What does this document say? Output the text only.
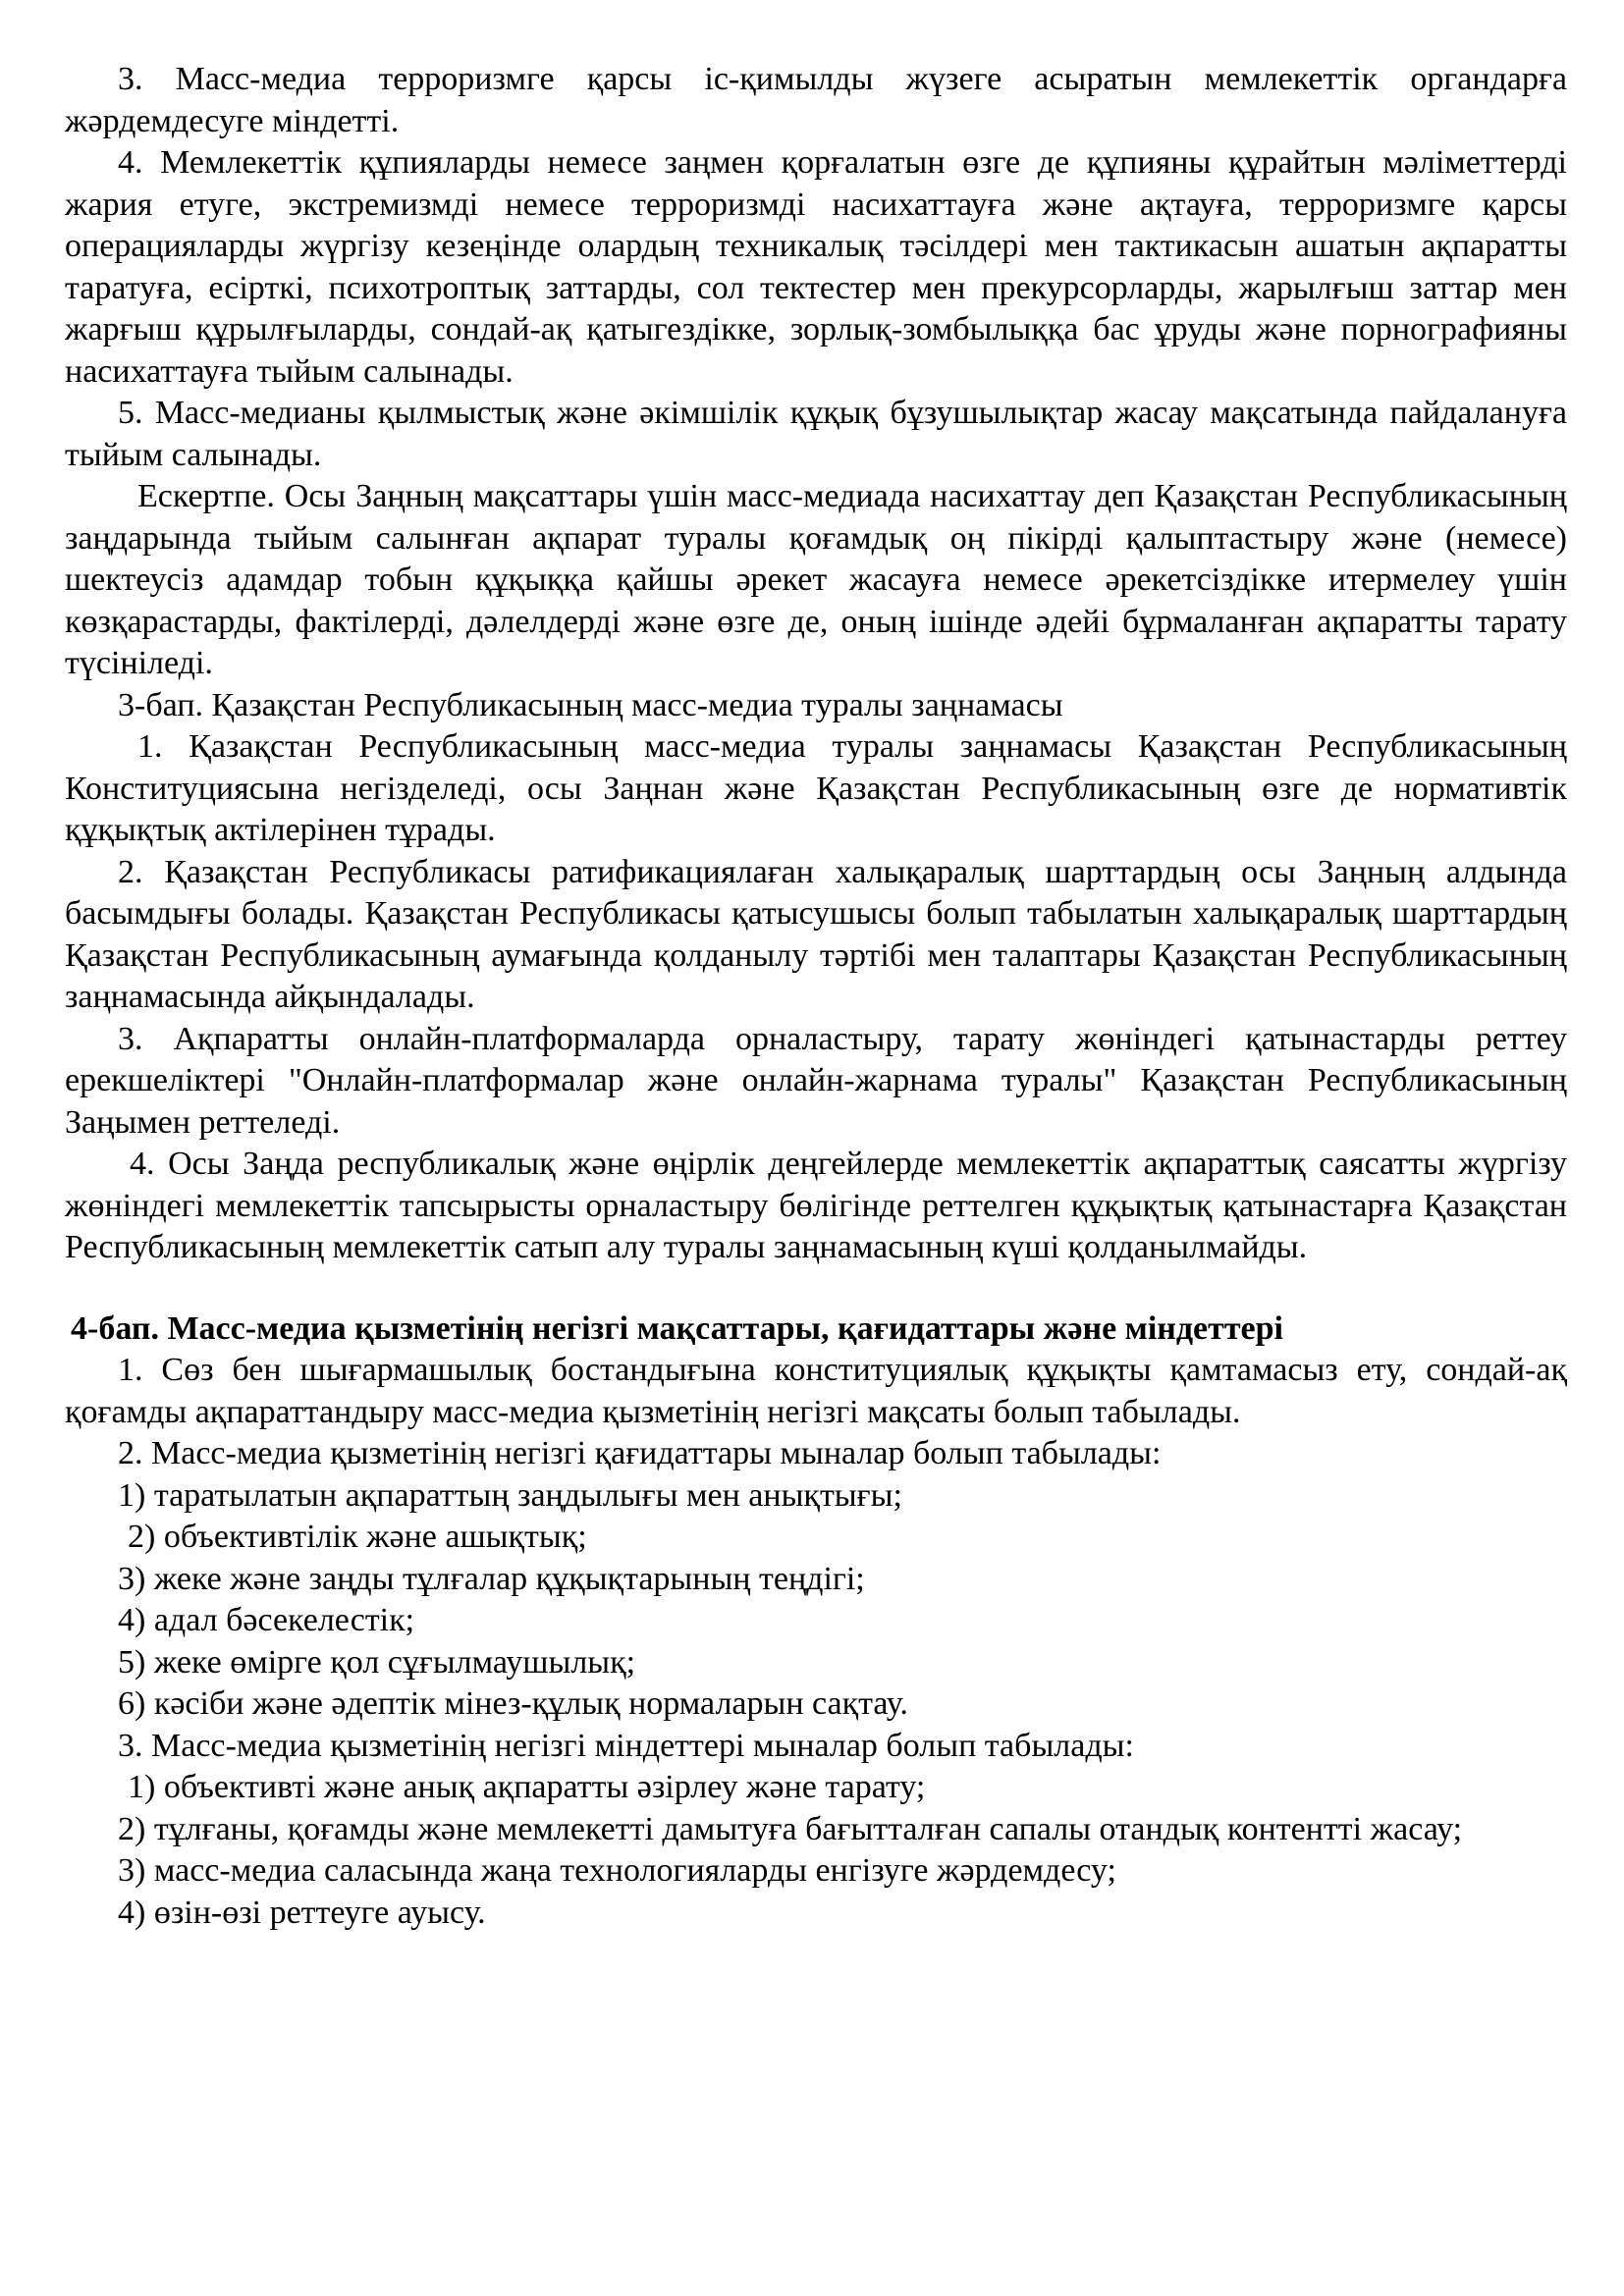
3. Масс-медиа терроризмге қарсы іс-қимылды жүзеге асыратын мемлекеттік органдарға жәрдемдесуге міндетті.

4. Мемлекеттік құпияларды немесе заңмен қорғалатын өзге де құпияны құрайтын мәліметтерді жария етуге, экстремизмді немесе терроризмді насихаттауға және ақтауға, терроризмге қарсы операцияларды жүргізу кезеңінде олардың техникалық тәсілдері мен тактикасын ашатын ақпаратты таратуға, есірткі, психотроптық заттарды, сол тектестер мен прекурсорларды, жарылғыш заттар мен жарғыш құрылғыларды, сондай-ақ қатыгездікке, зорлық-зомбылыққа бас ұруды және порнографияны насихаттауға тыйым салынады.

5. Масс-медианы қылмыстық және әкімшілік құқық бұзушылықтар жасау мақсатында пайдалануға тыйым салынады.

Ескертпе. Осы Заңның мақсаттары үшін масс-медиада насихаттау деп Қазақстан Республикасының заңдарында тыйым салынған ақпарат туралы қоғамдық оң пікірді қалыптастыру және (немесе) шектеусіз адамдар тобын құқыққа қайшы әрекет жасауға немесе әрекетсіздікке итермелеу үшін көзқарастарды, фактілерді, дәлелдерді және өзге де, оның ішінде әдейі бұрмаланған ақпаратты тарату түсініледі.

3-бап. Қазақстан Республикасының масс-медиа туралы заңнамасы

1. Қазақстан Республикасының масс-медиа туралы заңнамасы Қазақстан Республикасының Конституциясына негізделеді, осы Заңнан және Қазақстан Республикасының өзге де нормативтік құқықтық актілерінен тұрады.

2. Қазақстан Республикасы ратификациялаған халықаралық шарттардың осы Заңның алдында басымдығы болады. Қазақстан Республикасы қатысушысы болып табылатын халықаралық шарттардың Қазақстан Республикасының аумағында қолданылу тәртібі мен талаптары Қазақстан Республикасының заңнамасында айқындалады.

3. Ақпаратты онлайн-платформаларда орналастыру, тарату жөніндегі қатынастарды реттеу ерекшеліктері "Онлайн-платформалар және онлайн-жарнама туралы" Қазақстан Республикасының Заңымен реттеледі.

4. Осы Заңда республикалық және өңірлік деңгейлерде мемлекеттік ақпараттық саясатты жүргізу жөніндегі мемлекеттік тапсырысты орналастыру бөлігінде реттелген құқықтық қатынастарға Қазақстан Республикасының мемлекеттік сатып алу туралы заңнамасының күші қолданылмайды.

4-бап. Масс-медиа қызметінің негізгі мақсаттары, қағидаттары және міндеттері

1. Сөз бен шығармашылық бостандығына конституциялық құқықты қамтамасыз ету, сондай-ақ қоғамды ақпараттандыру масс-медиа қызметінің негізгі мақсаты болып табылады.

2. Масс-медиа қызметінің негізгі қағидаттары мыналар болып табылады:

1) таратылатын ақпараттың заңдылығы мен анықтығы;

2) объективтілік және ашықтық;

3) жеке және заңды тұлғалар құқықтарының теңдігі;

4) адал бәсекелестік;

5) жеке өмірге қол сұғылмаушылық;

6) кәсіби және әдептік мінез-құлық нормаларын сақтау.

3. Масс-медиа қызметінің негізгі міндеттері мыналар болып табылады:

1) объективті және анық ақпаратты әзірлеу және тарату;

2) тұлғаны, қоғамды және мемлекетті дамытуға бағытталған сапалы отандық контентті жасау;

3) масс-медиа саласында жаңа технологияларды енгізуге жәрдемдесу;

4) өзін-өзі реттеуге ауысу.
